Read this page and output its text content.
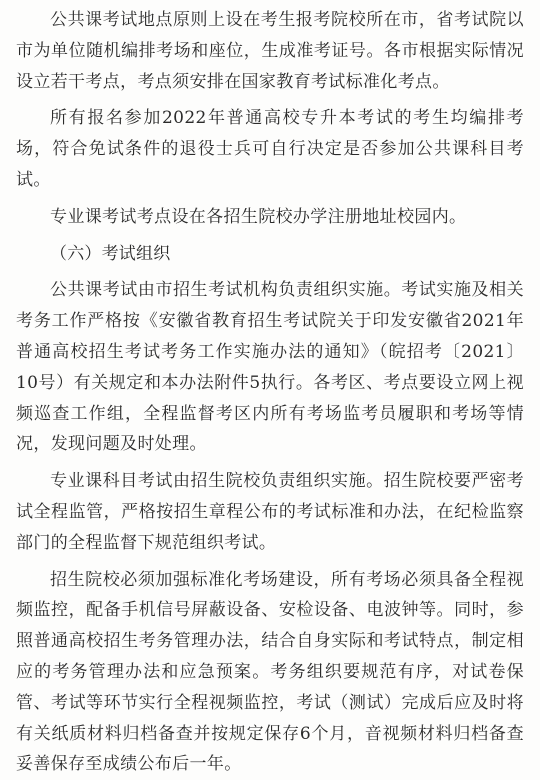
公共课考试地点原则上设在考生报考院校所在市，省考试院以市为单位随机编排考场和座位，生成准考证号。各市根据实际情况设立若干考点，考点须安排在国家教育考试标准化考点。

所有报名参加2022年普通高校专升本考试的考生均编排考场，符合免试条件的退役士兵可自行决定是否参加公共课科目考试。

专业课考试考点设在各招生院校办学注册地址校园内。

（六）考试组织

公共课考试由市招生考试机构负责组织实施。考试实施及相关考务工作严格按《安徽省教育招生考试院关于印发安徽省2021年普通高校招生考试考务工作实施办法的通知》（皖招考〔2021〕10号）有关规定和本办法附件5执行。各考区、考点要设立网上视频巡查工作组，全程监督考区内所有考场监考员履职和考场等情况，发现问题及时处理。

专业课科目考试由招生院校负责组织实施。招生院校要严密考试全程监管，严格按招生章程公布的考试标准和办法，在纪检监察部门的全程监督下规范组织考试。

招生院校必须加强标准化考场建设，所有考场必须具备全程视频监控，配备手机信号屏蔽设备、安检设备、电波钟等。同时，参照普通高校招生考务管理办法，结合自身实际和考试特点，制定相应的考务管理办法和应急预案。考务组织要规范有序，对试卷保管、考试等环节实行全程视频监控，考试（测试）完成后应及时将有关纸质材料归档备查并按规定保存6个月，音视频材料归档备查妥善保存至成绩公布后一年。
